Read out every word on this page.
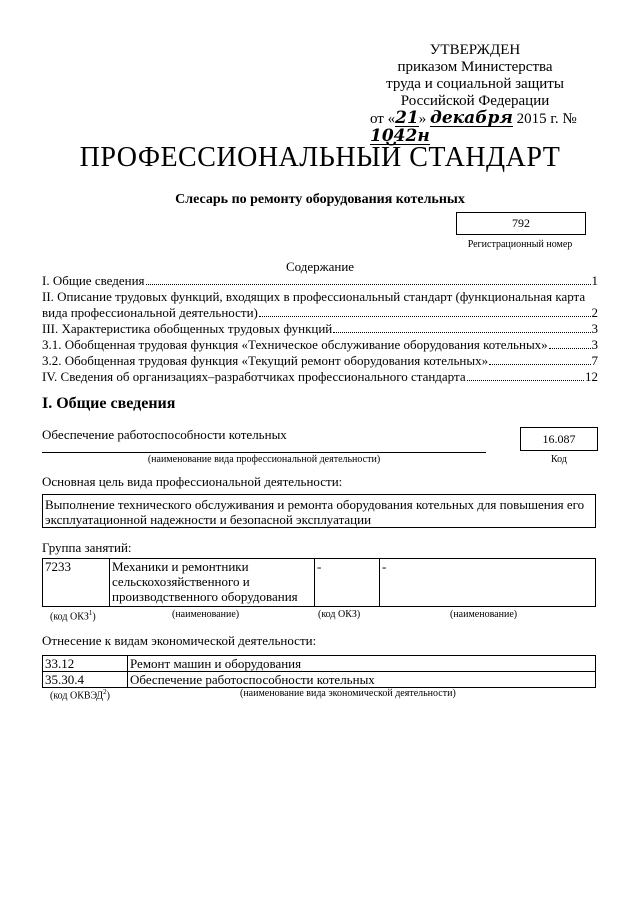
УТВЕРЖДЕН
приказом Министерства
труда и социальной защиты
Российской Федерации
от «21» декабря 2015 г. № 1042н
ПРОФЕССИОНАЛЬНЫЙ СТАНДАРТ
Слесарь по ремонту оборудования котельных
792
Регистрационный номер
Содержание
I. Общие сведения	1
II. Описание трудовых функций, входящих в профессиональный стандарт (функциональная карта
вида профессиональной деятельности)	2
III. Характеристика обобщенных трудовых функций	3
3.1. Обобщенная трудовая функция «Техническое обслуживание оборудования котельных»	3
3.2. Обобщенная трудовая функция «Текущий ремонт оборудования котельных»	7
IV. Сведения об организациях–разработчиках профессионального стандарта	12
I. Общие сведения
Обеспечение работоспособности котельных
(наименование вида профессиональной деятельности)
16.087
Код
Основная цель вида профессиональной деятельности:
Выполнение технического обслуживания и ремонта оборудования котельных для повышения его эксплуатационной надежности и безопасной эксплуатации
Группа занятий:
7233	Механики и ремонтники сельскохозяйственного и производственного оборудования	-	-
(код ОКЗ$^1$)	(наименование)	(код ОКЗ)	(наименование)
Отнесение к видам экономической деятельности:
33.12	Ремонт машин и оборудования
35.30.4	Обеспечение работоспособности котельных
(код ОКВЭД$^2$)	(наименование вида экономической деятельности)
